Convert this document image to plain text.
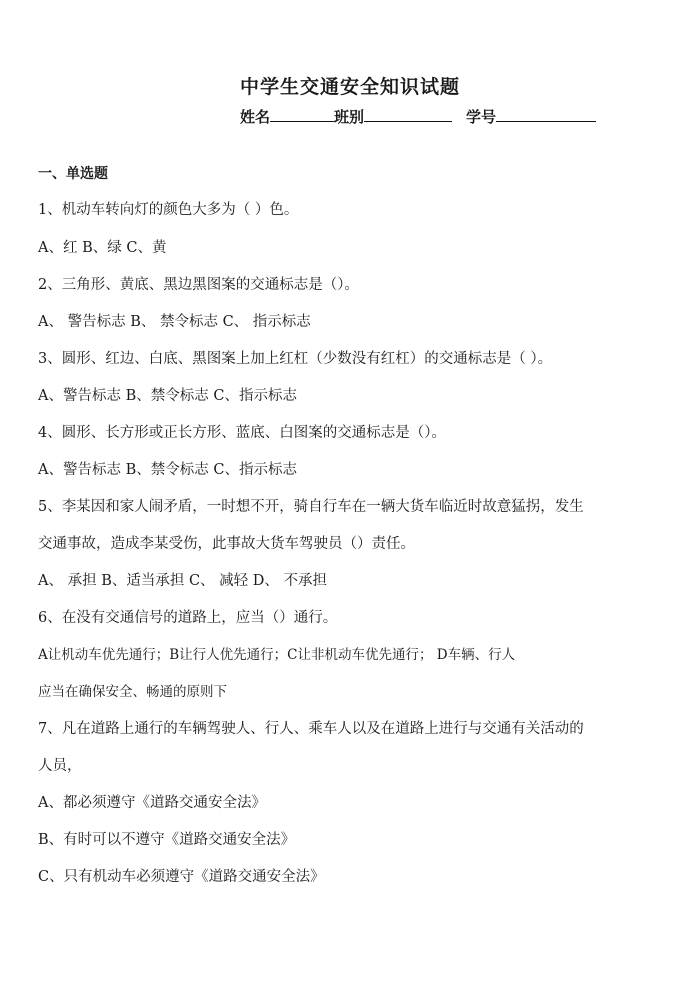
中学生交通安全知识试题
姓名	班别	学号
一、单选题
1、机动车转向灯的颜色大多为（ ）色。
A、红 B、绿 C、黄
2、三角形、黄底、黑边黑图案的交通标志是（）。
A、 警告标志 B、 禁令标志 C、 指示标志
3、圆形、红边、白底、黑图案上加上红杠（少数没有红杠）的交通标志是（ ）。
A、警告标志 B、禁令标志 C、指示标志
4、圆形、长方形或正长方形、蓝底、白图案的交通标志是（）。
A、警告标志 B、禁令标志 C、指示标志
5、李某因和家人闹矛盾，一时想不开，骑自行车在一辆大货车临近时故意猛拐，发生
交通事故，造成李某受伤，此事故大货车驾驶员（）责任。
A、 承担 B、适当承担 C、 减轻 D、 不承担
6、在没有交通信号的道路上，应当（）通行。
A让机动车优先通行；B让行人优先通行；C让非机动车优先通行； D车辆、行人
应当在确保安全、畅通的原则下
7、凡在道路上通行的车辆驾驶人、行人、乘车人以及在道路上进行与交通有关活动的
人员，
A、都必须遵守《道路交通安全法》
B、有时可以不遵守《道路交通安全法》
C、只有机动车必须遵守《道路交通安全法》
